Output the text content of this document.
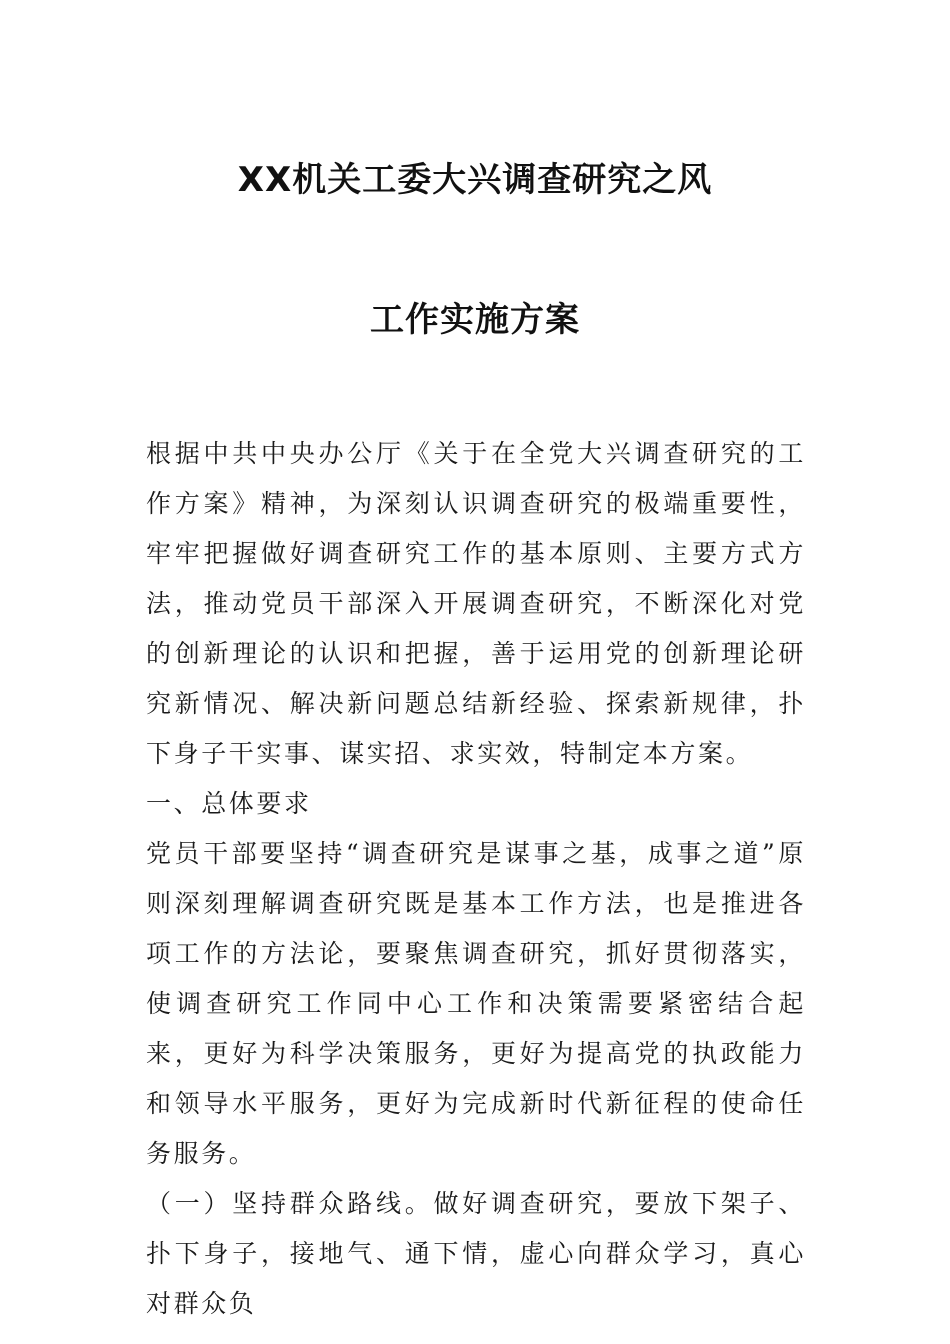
XX机关工委大兴调查研究之风
工作实施方案

根据中共中央办公厅《关于在全党大兴调查研究的工作方案》精神，为深刻认识调查研究的极端重要性，牢牢把握做好调查研究工作的基本原则、主要方式方法，推动党员干部深入开展调查研究，不断深化对党的创新理论的认识和把握，善于运用党的创新理论研究新情况、解决新问题总结新经验、探索新规律，扑下身子干实事、谋实招、求实效，特制定本方案。

一、总体要求

党员干部要坚持“调查研究是谋事之基，成事之道”原则深刻理解调查研究既是基本工作方法，也是推进各项工作的方法论，要聚焦调查研究，抓好贯彻落实，使调查研究工作同中心工作和决策需要紧密结合起来，更好为科学决策服务，更好为提高党的执政能力和领导水平服务，更好为完成新时代新征程的使命任务服务。

（一）坚持群众路线。做好调查研究，要放下架子、扑下身子，接地气、通下情，虚心向群众学习，真心对群众负
